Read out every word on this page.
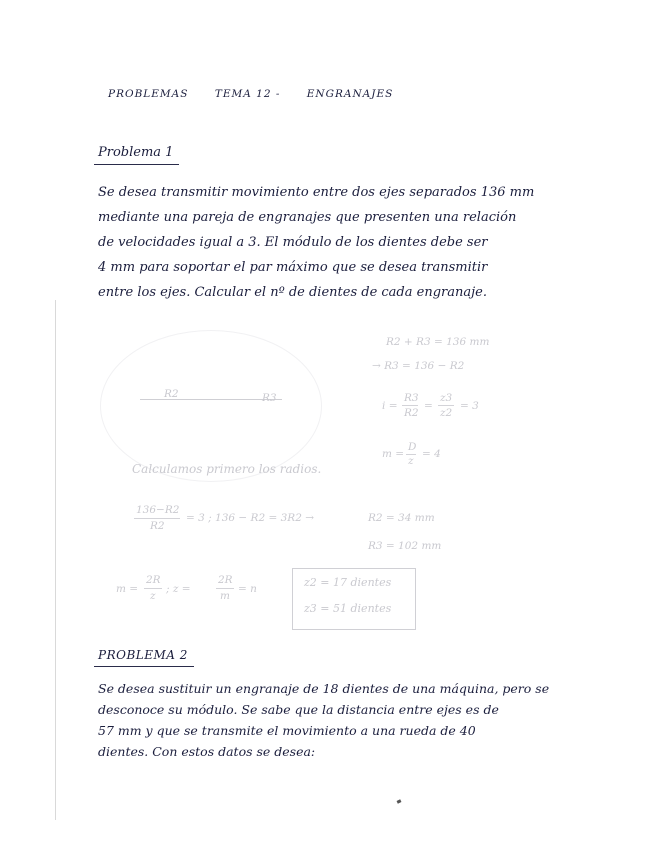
PROBLEMAS	TEMA 12 -	ENGRANAJES
Problema 1
Se desea transmitir movimiento entre dos ejes separados 136 mm
mediante una pareja de engranajes que presenten una relación
de velocidades igual a 3. El módulo de los dientes debe ser
4 mm para soportar el par máximo que se desea transmitir
entre los ejes. Calcular el nº de dientes de cada engranaje.
R2	R3
R2 + R3 = 136 mm
→ R3 = 136 − R2
i =
R3
R2
=
z3
z2
= 3
m =
D
z
= 4
Calculamos primero los radios.
136−R2
R2
= 3 ; 136 − R2 = 3R2 →	R2 = 34 mm
R3 = 102 mm
m =
2R
z
; z =
2R
m
= n	z2 = 17 dientes
z3 = 51 dientes
PROBLEMA 2
Se desea sustituir un engranaje de 18 dientes de una máquina, pero se
desconoce su módulo. Se sabe que la distancia entre ejes es de
57 mm y que se transmite el movimiento a una rueda de 40
dientes. Con estos datos se desea:
